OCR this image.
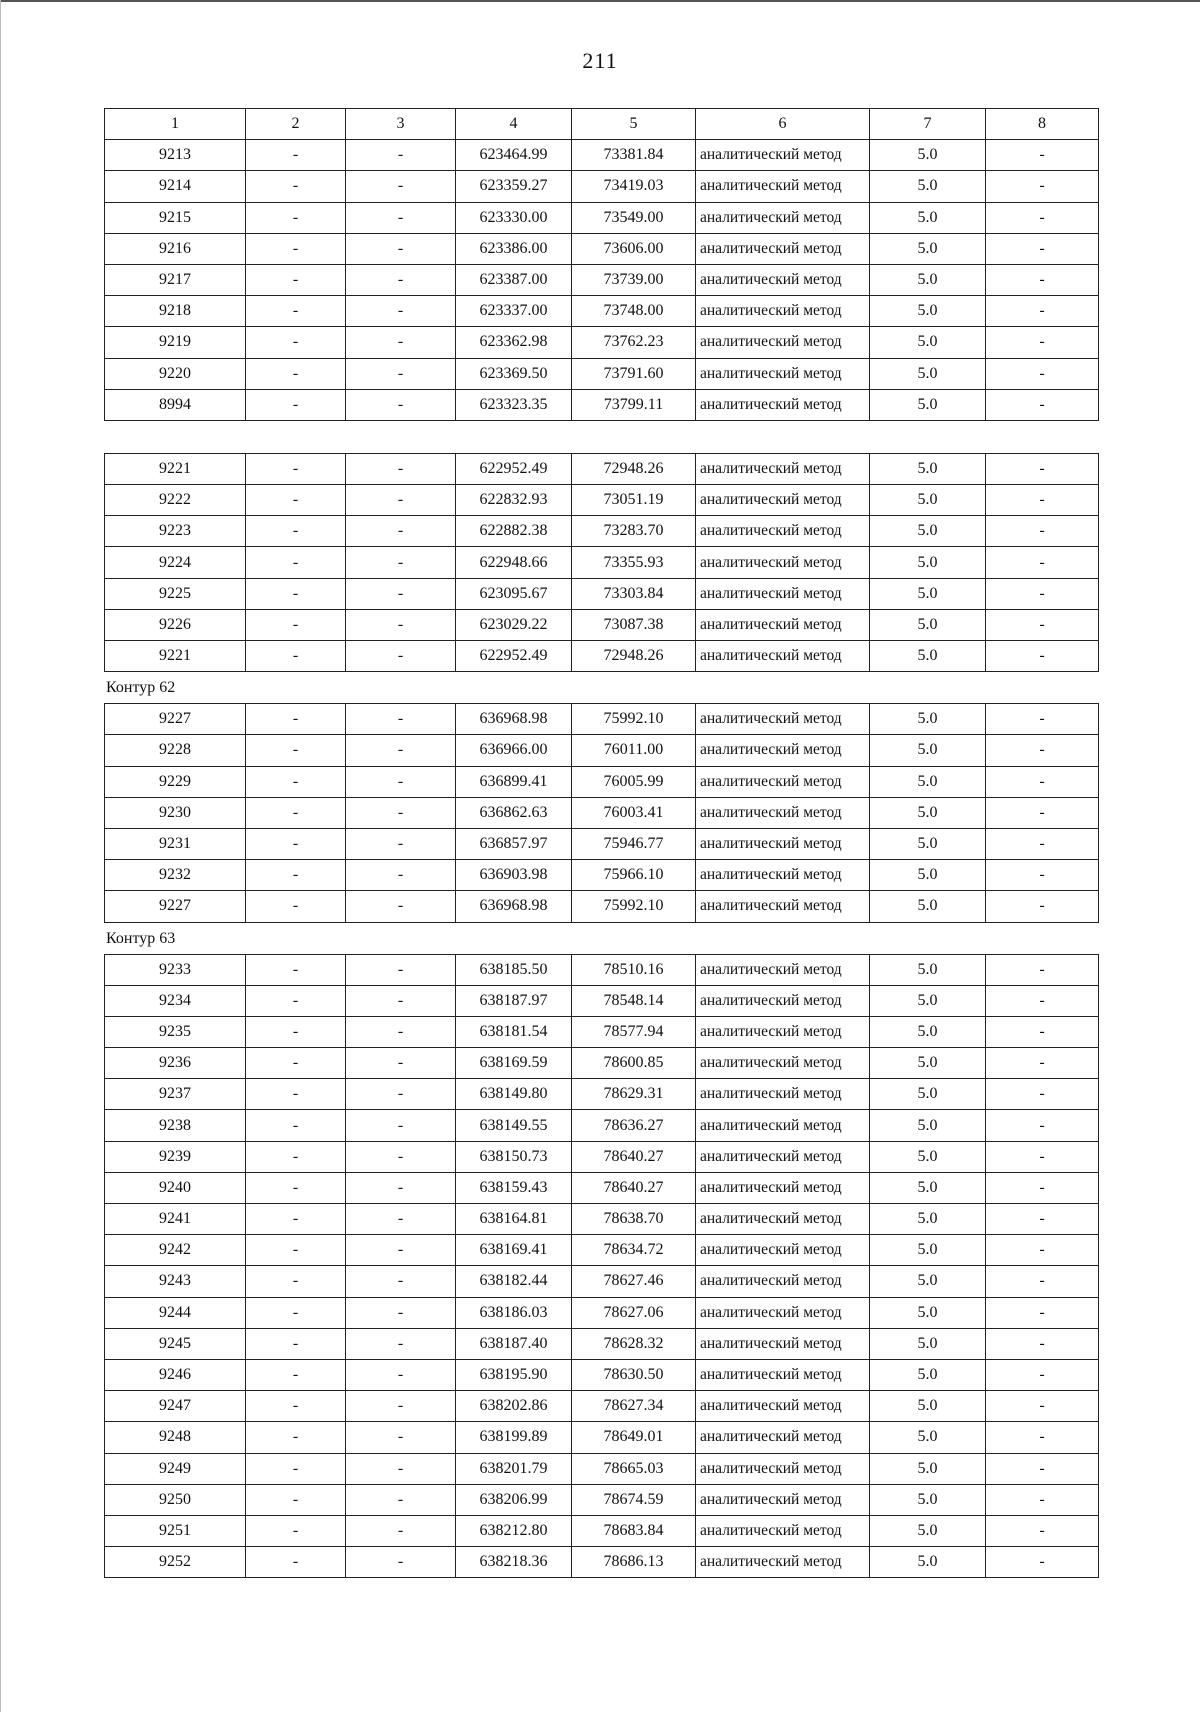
211
1	2	3	4	5	6	7	8
9213	-	-	623464.99	73381.84	аналитический метод	5.0	-
9214	-	-	623359.27	73419.03	аналитический метод	5.0	-
9215	-	-	623330.00	73549.00	аналитический метод	5.0	-
9216	-	-	623386.00	73606.00	аналитический метод	5.0	-
9217	-	-	623387.00	73739.00	аналитический метод	5.0	-
9218	-	-	623337.00	73748.00	аналитический метод	5.0	-
9219	-	-	623362.98	73762.23	аналитический метод	5.0	-
9220	-	-	623369.50	73791.60	аналитический метод	5.0	-
8994	-	-	623323.35	73799.11	аналитический метод	5.0	-
9221	-	-	622952.49	72948.26	аналитический метод	5.0	-
9222	-	-	622832.93	73051.19	аналитический метод	5.0	-
9223	-	-	622882.38	73283.70	аналитический метод	5.0	-
9224	-	-	622948.66	73355.93	аналитический метод	5.0	-
9225	-	-	623095.67	73303.84	аналитический метод	5.0	-
9226	-	-	623029.22	73087.38	аналитический метод	5.0	-
9221	-	-	622952.49	72948.26	аналитический метод	5.0	-
Контур 62
9227	-	-	636968.98	75992.10	аналитический метод	5.0	-
9228	-	-	636966.00	76011.00	аналитический метод	5.0	-
9229	-	-	636899.41	76005.99	аналитический метод	5.0	-
9230	-	-	636862.63	76003.41	аналитический метод	5.0	-
9231	-	-	636857.97	75946.77	аналитический метод	5.0	-
9232	-	-	636903.98	75966.10	аналитический метод	5.0	-
9227	-	-	636968.98	75992.10	аналитический метод	5.0	-
Контур 63
9233	-	-	638185.50	78510.16	аналитический метод	5.0	-
9234	-	-	638187.97	78548.14	аналитический метод	5.0	-
9235	-	-	638181.54	78577.94	аналитический метод	5.0	-
9236	-	-	638169.59	78600.85	аналитический метод	5.0	-
9237	-	-	638149.80	78629.31	аналитический метод	5.0	-
9238	-	-	638149.55	78636.27	аналитический метод	5.0	-
9239	-	-	638150.73	78640.27	аналитический метод	5.0	-
9240	-	-	638159.43	78640.27	аналитический метод	5.0	-
9241	-	-	638164.81	78638.70	аналитический метод	5.0	-
9242	-	-	638169.41	78634.72	аналитический метод	5.0	-
9243	-	-	638182.44	78627.46	аналитический метод	5.0	-
9244	-	-	638186.03	78627.06	аналитический метод	5.0	-
9245	-	-	638187.40	78628.32	аналитический метод	5.0	-
9246	-	-	638195.90	78630.50	аналитический метод	5.0	-
9247	-	-	638202.86	78627.34	аналитический метод	5.0	-
9248	-	-	638199.89	78649.01	аналитический метод	5.0	-
9249	-	-	638201.79	78665.03	аналитический метод	5.0	-
9250	-	-	638206.99	78674.59	аналитический метод	5.0	-
9251	-	-	638212.80	78683.84	аналитический метод	5.0	-
9252	-	-	638218.36	78686.13	аналитический метод	5.0	-
